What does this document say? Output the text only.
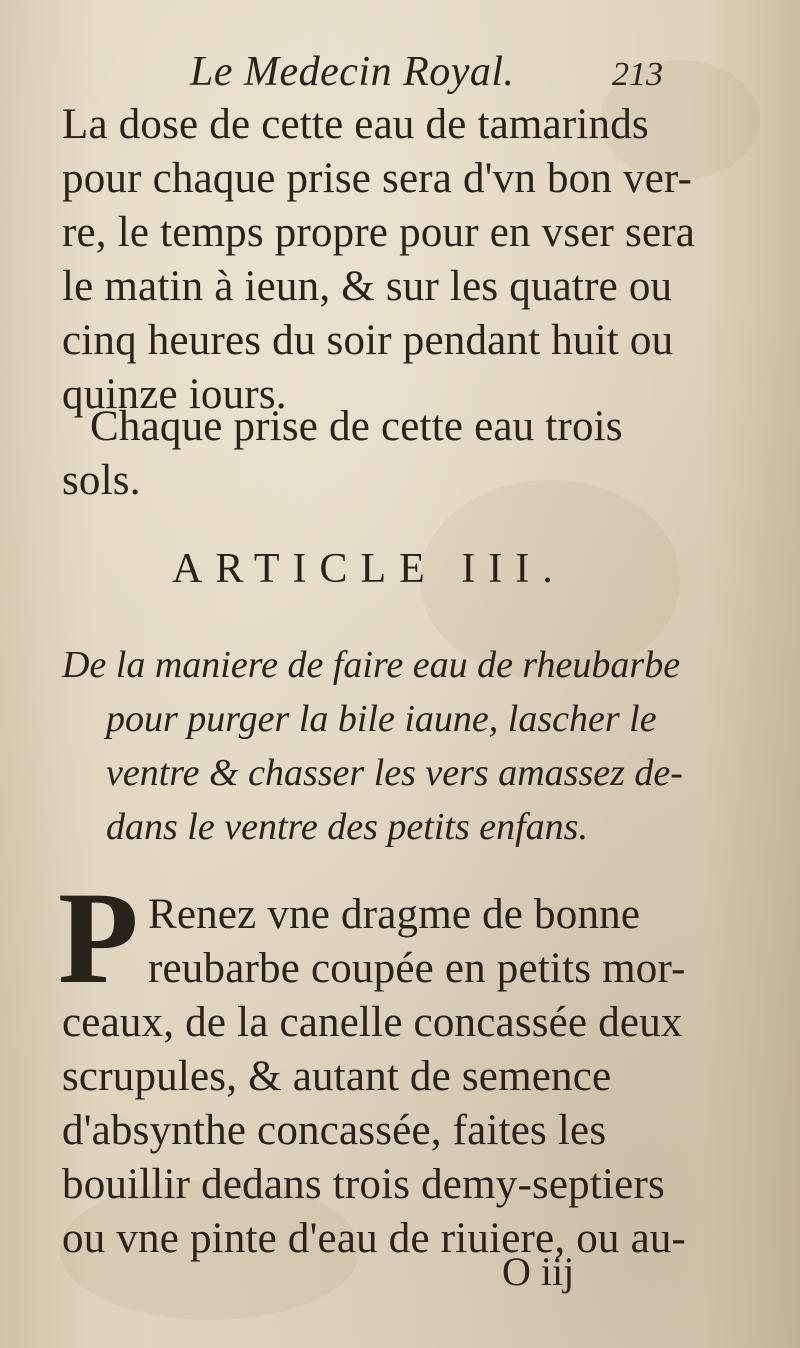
Le Medecin Royal.	213
La dose de cette eau de tamarinds
pour chaque prise sera d'vn bon ver-
re, le temps propre pour en vser sera
le matin à ieun, & sur les quatre ou
cinq heures du soir pendant huit ou
quinze iours.
Chaque prise de cette eau trois
sols.
ARTICLE III.
De la maniere de faire eau de rheubarbe
pour purger la bile iaune, lascher le
ventre & chasser les vers amassez de-
dans le ventre des petits enfans.
P Renez vne dragme de bonne
reubarbe coupée en petits mor-
ceaux, de la canelle concassée deux
scrupules, & autant de semence
d'absynthe concassée, faites les
bouillir dedans trois demy-septiers
ou vne pinte d'eau de riuiere, ou au-
O iij
